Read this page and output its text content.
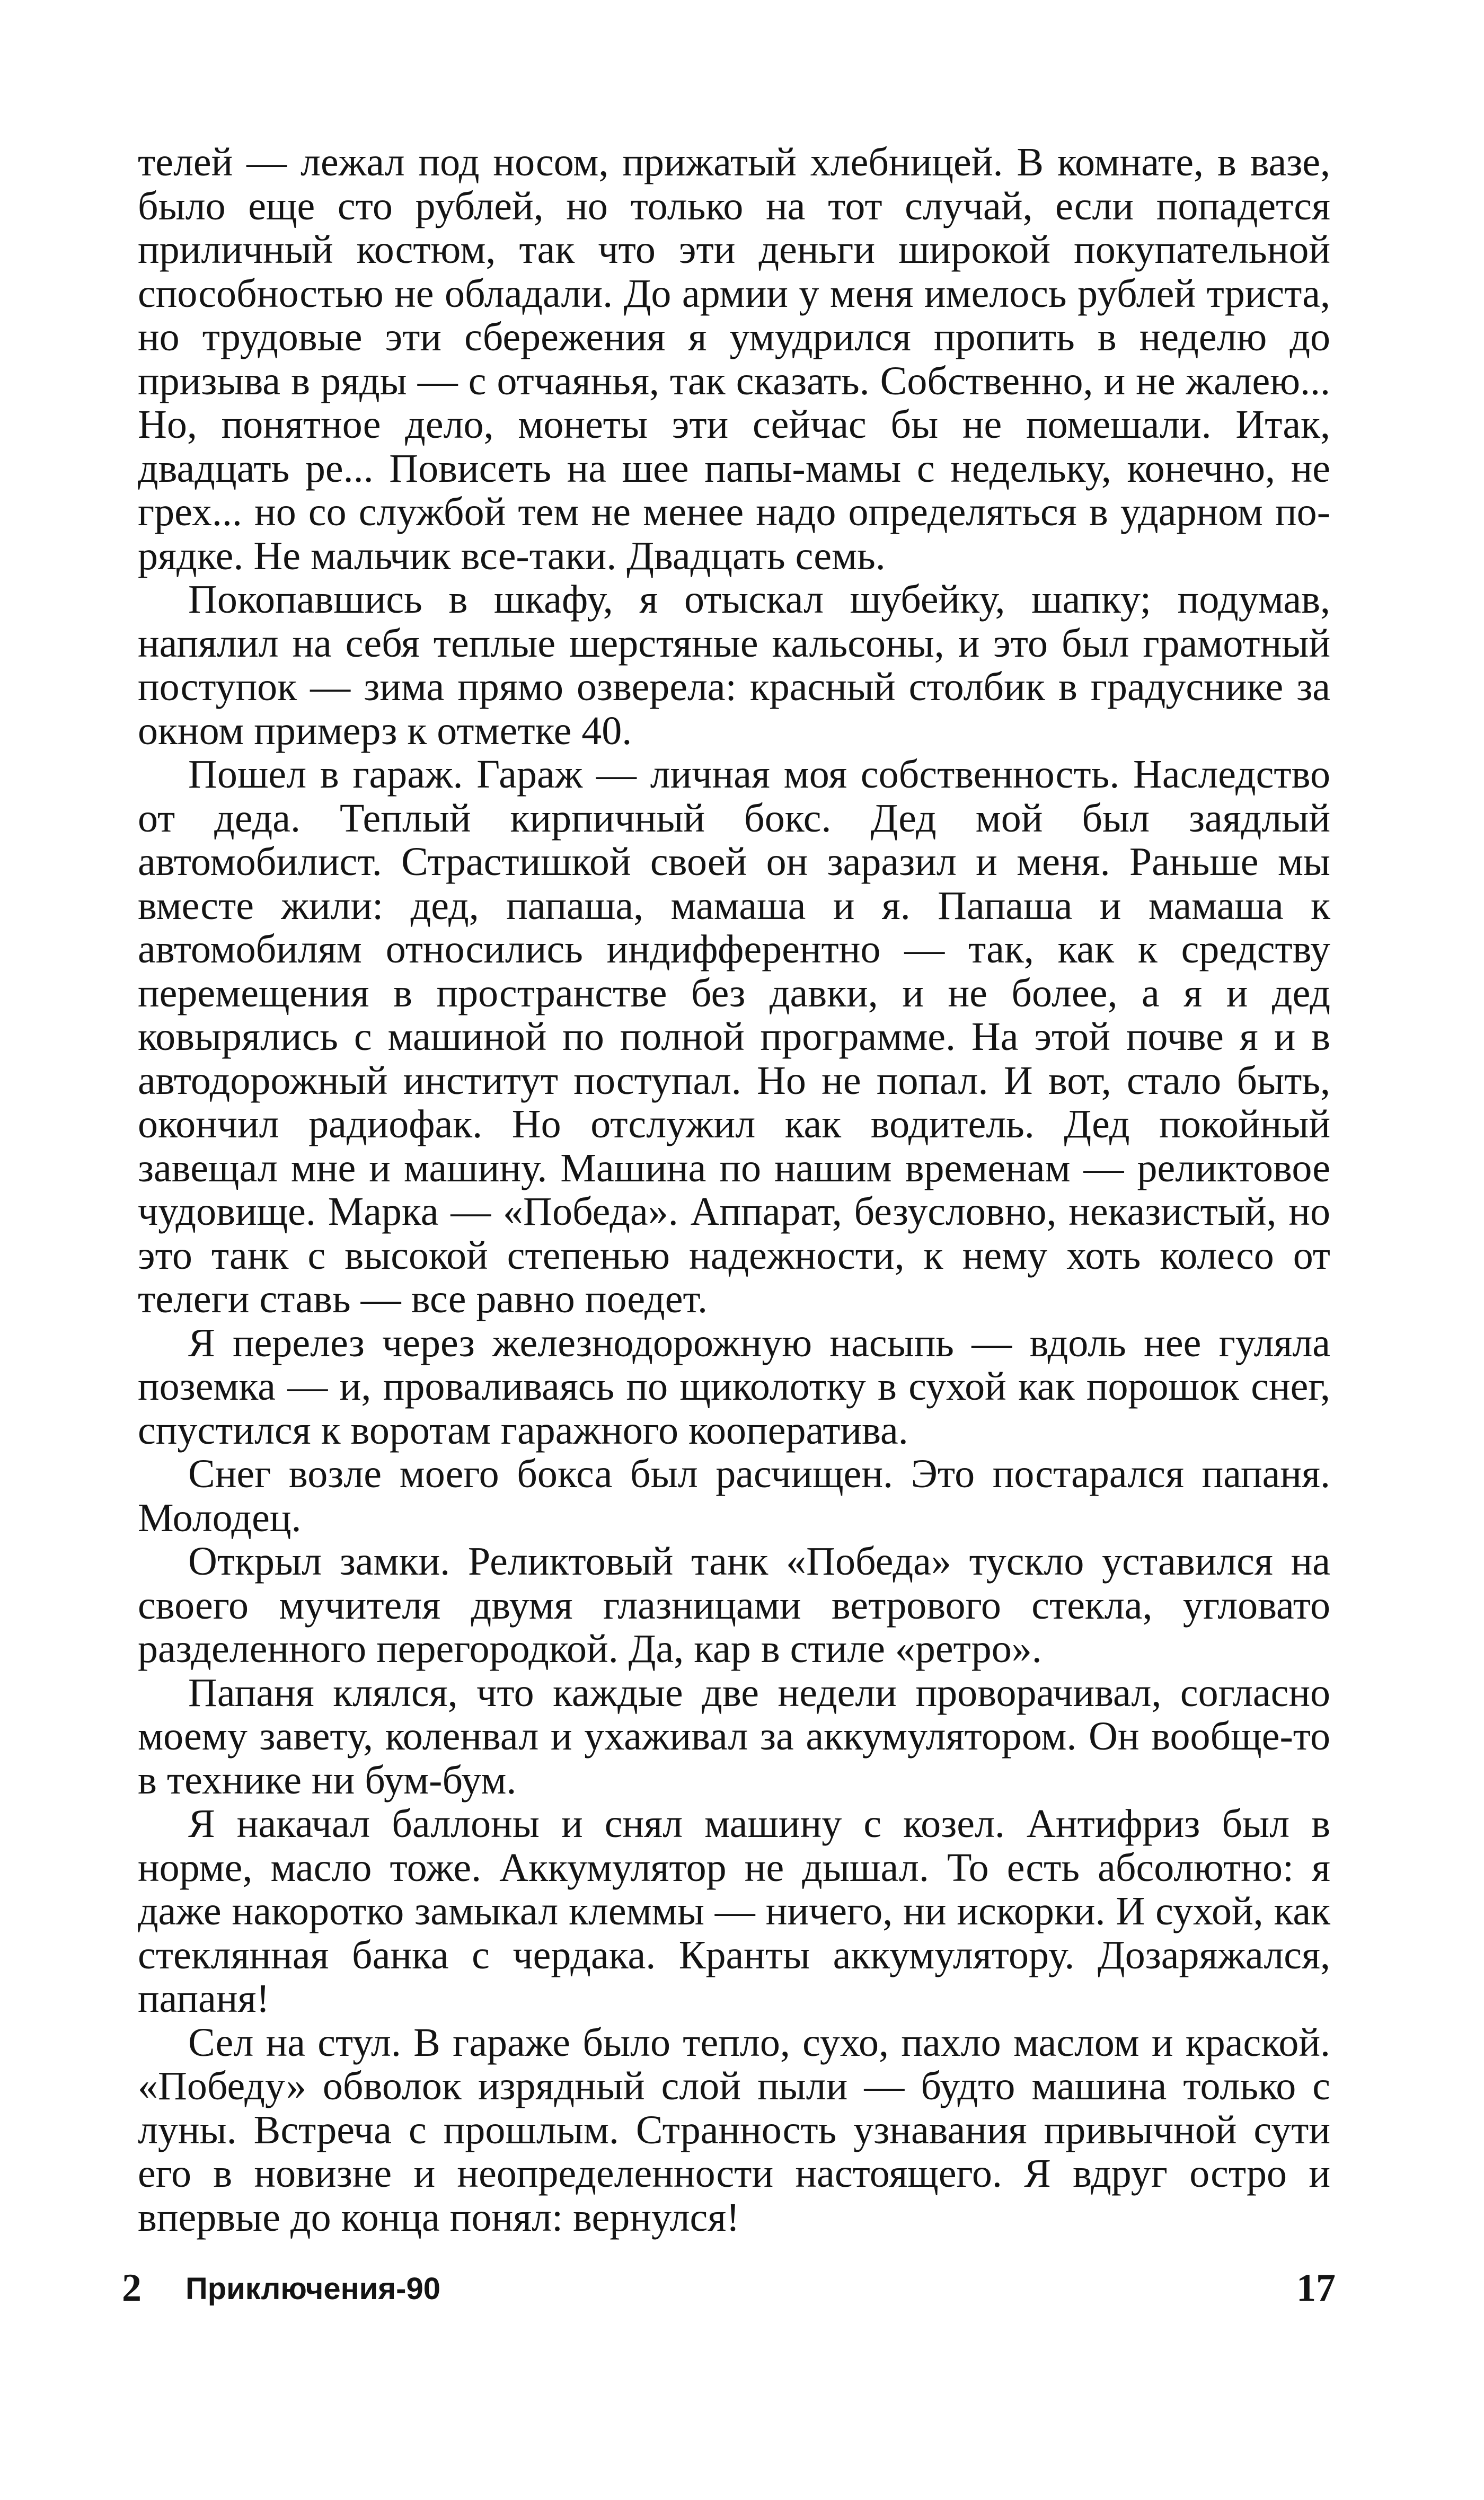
телей — лежал под носом, прижатый хлебницей. В комнате, в вазе, было еще сто рублей, но только на тот случай, если попадется приличный костюм, так что эти деньги широкой покупательной способностью не обладали. До армии у меня имелось рублей триста, но трудовые эти сбережения я умудрился пропить в неделю до призыва в ряды — с отчаянья, так сказать. Собственно, и не жалею... Но, понятное дело, монеты эти сейчас бы не помешали. Итак, двадцать ре... Повисеть на шее папы-мамы с недельку, конечно, не грех... но со службой тем не менее надо определяться в ударном порядке. Не мальчик все-таки. Двадцать семь.

Покопавшись в шкафу, я отыскал шубейку, шапку; подумав, напялил на себя теплые шерстяные кальсоны, и это был грамотный поступок — зима прямо озверела: красный столбик в градуснике за окном примерз к отметке 40.

Пошел в гараж. Гараж — личная моя собственность. Наследство от деда. Теплый кирпичный бокс. Дед мой был заядлый автомобилист. Страстишкой своей он заразил и меня. Раньше мы вместе жили: дед, папаша, мамаша и я. Папаша и мамаша к автомобилям относились индифферентно — так, как к средству перемещения в пространстве без давки, и не более, а я и дед ковырялись с машиной по полной программе. На этой почве я и в автодорожный институт поступал. Но не попал. И вот, стало быть, окончил радиофак. Но отслужил как водитель. Дед покойный завещал мне и машину. Машина по нашим временам — реликтовое чудовище. Марка — «Победа». Аппарат, безусловно, неказистый, но это танк с высокой степенью надежности, к нему хоть колесо от телеги ставь — все равно поедет.

Я перелез через железнодорожную насыпь — вдоль нее гуляла поземка — и, проваливаясь по щиколотку в сухой как порошок снег, спустился к воротам гаражного кооператива.

Снег возле моего бокса был расчищен. Это постарался папаня. Молодец.

Открыл замки. Реликтовый танк «Победа» тускло уставился на своего мучителя двумя глазницами ветрового стекла, угловато разделенного перегородкой. Да, кар в стиле «ретро».

Папаня клялся, что каждые две недели проворачивал, согласно моему завету, коленвал и ухаживал за аккумулятором. Он вообще-то в технике ни бум-бум.

Я накачал баллоны и снял машину с козел. Антифриз был в норме, масло тоже. Аккумулятор не дышал. То есть абсолютно: я даже накоротко замыкал клеммы — ничего, ни искорки. И сухой, как стеклянная банка с чердака. Кранты аккумулятору. Дозаряжался, папаня!

Сел на стул. В гараже было тепло, сухо, пахло маслом и краской. «Победу» обволок изрядный слой пыли — будто машина только с луны. Встреча с прошлым. Странность узнавания привычной сути его в новизне и неопределенности настоящего. Я вдруг остро и впервые до конца понял: вернулся!

2 Приключения-90	17
